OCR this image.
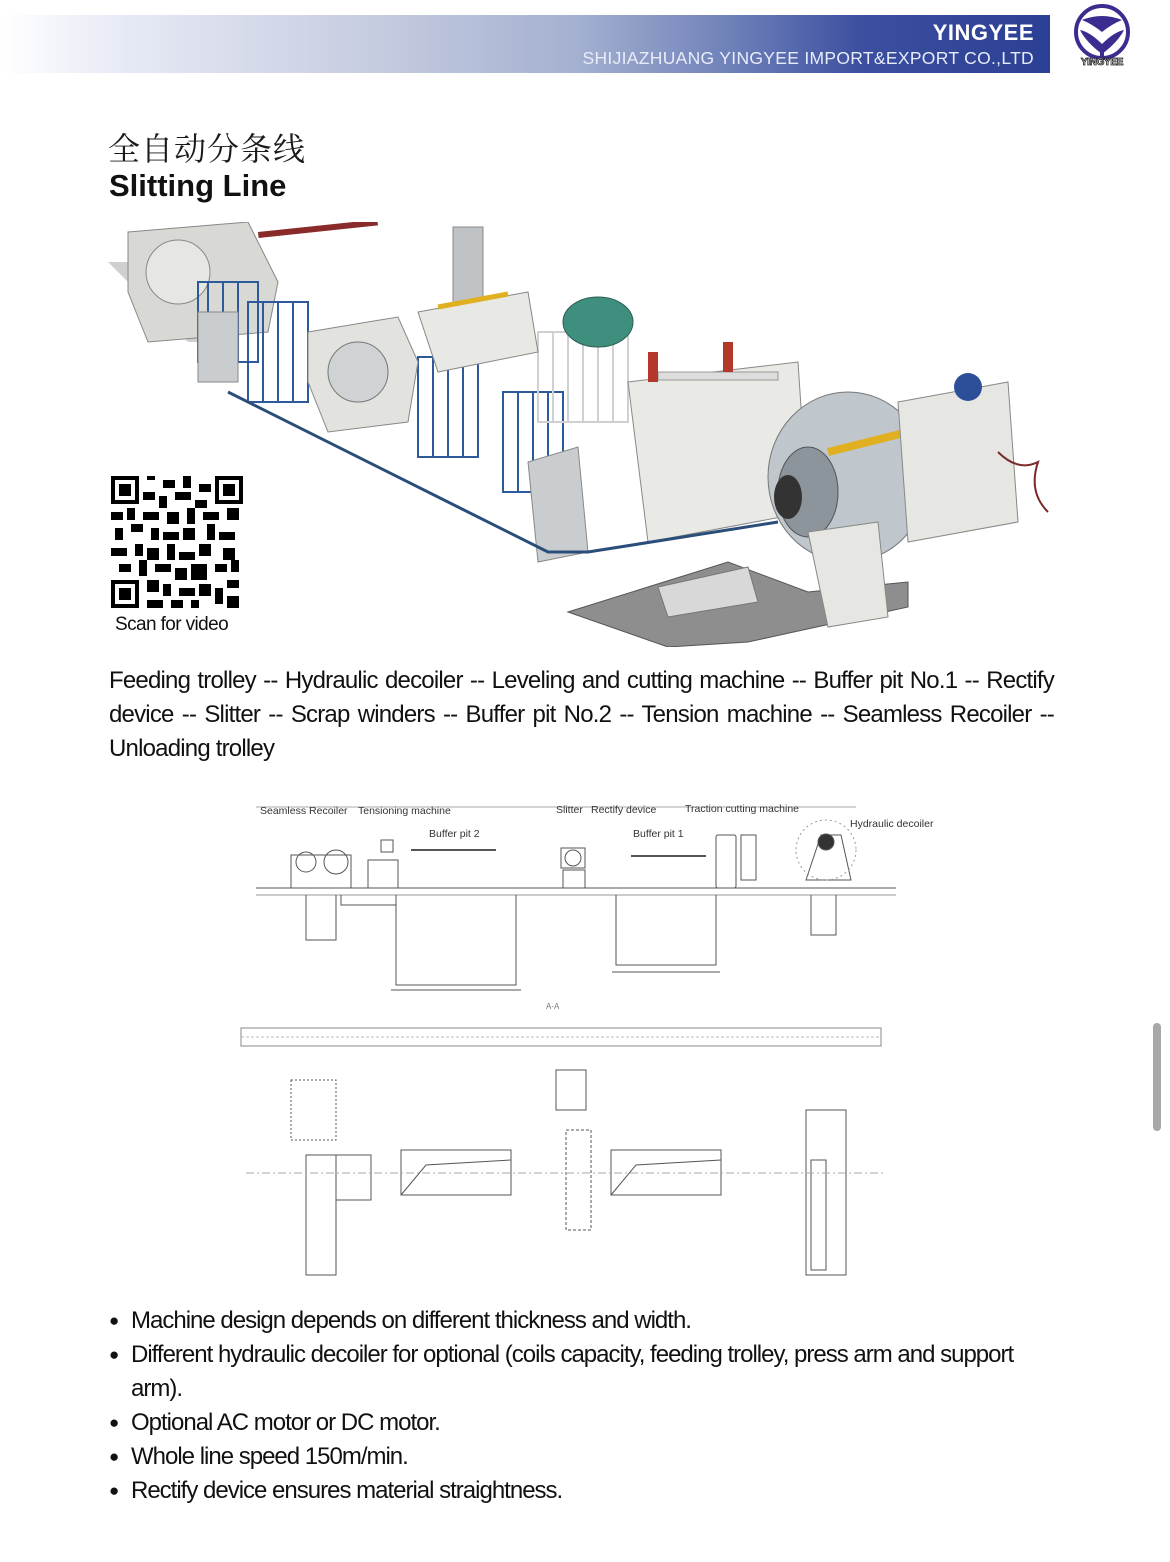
YINGYEE
SHIJIAZHUANG YINGYEE IMPORT&EXPORT CO.,LTD	YINGYEE
全自动分条线
Slitting Line
Scan for video
Feeding trolley -- Hydraulic decoiler -- Leveling and cutting machine -- Buffer pit No.1 -- Rectify device -- Slitter -- Scrap winders -- Buffer pit No.2 -- Tension machine -- Seamless Recoiler -- Unloading trolley
Seamless Recoiler Tensioning machine	Slitter Rectify device	Traction cutting machine
Hydraulic decoiler
Buffer pit 2	Buffer pit 1
A-A
● Machine design depends on different thickness and width.
● Different hydraulic decoiler for optional (coils capacity, feeding trolley, press arm and support arm).
● Optional AC motor or DC motor.
● Whole line speed 150m/min.
● Rectify device ensures material straightness.
